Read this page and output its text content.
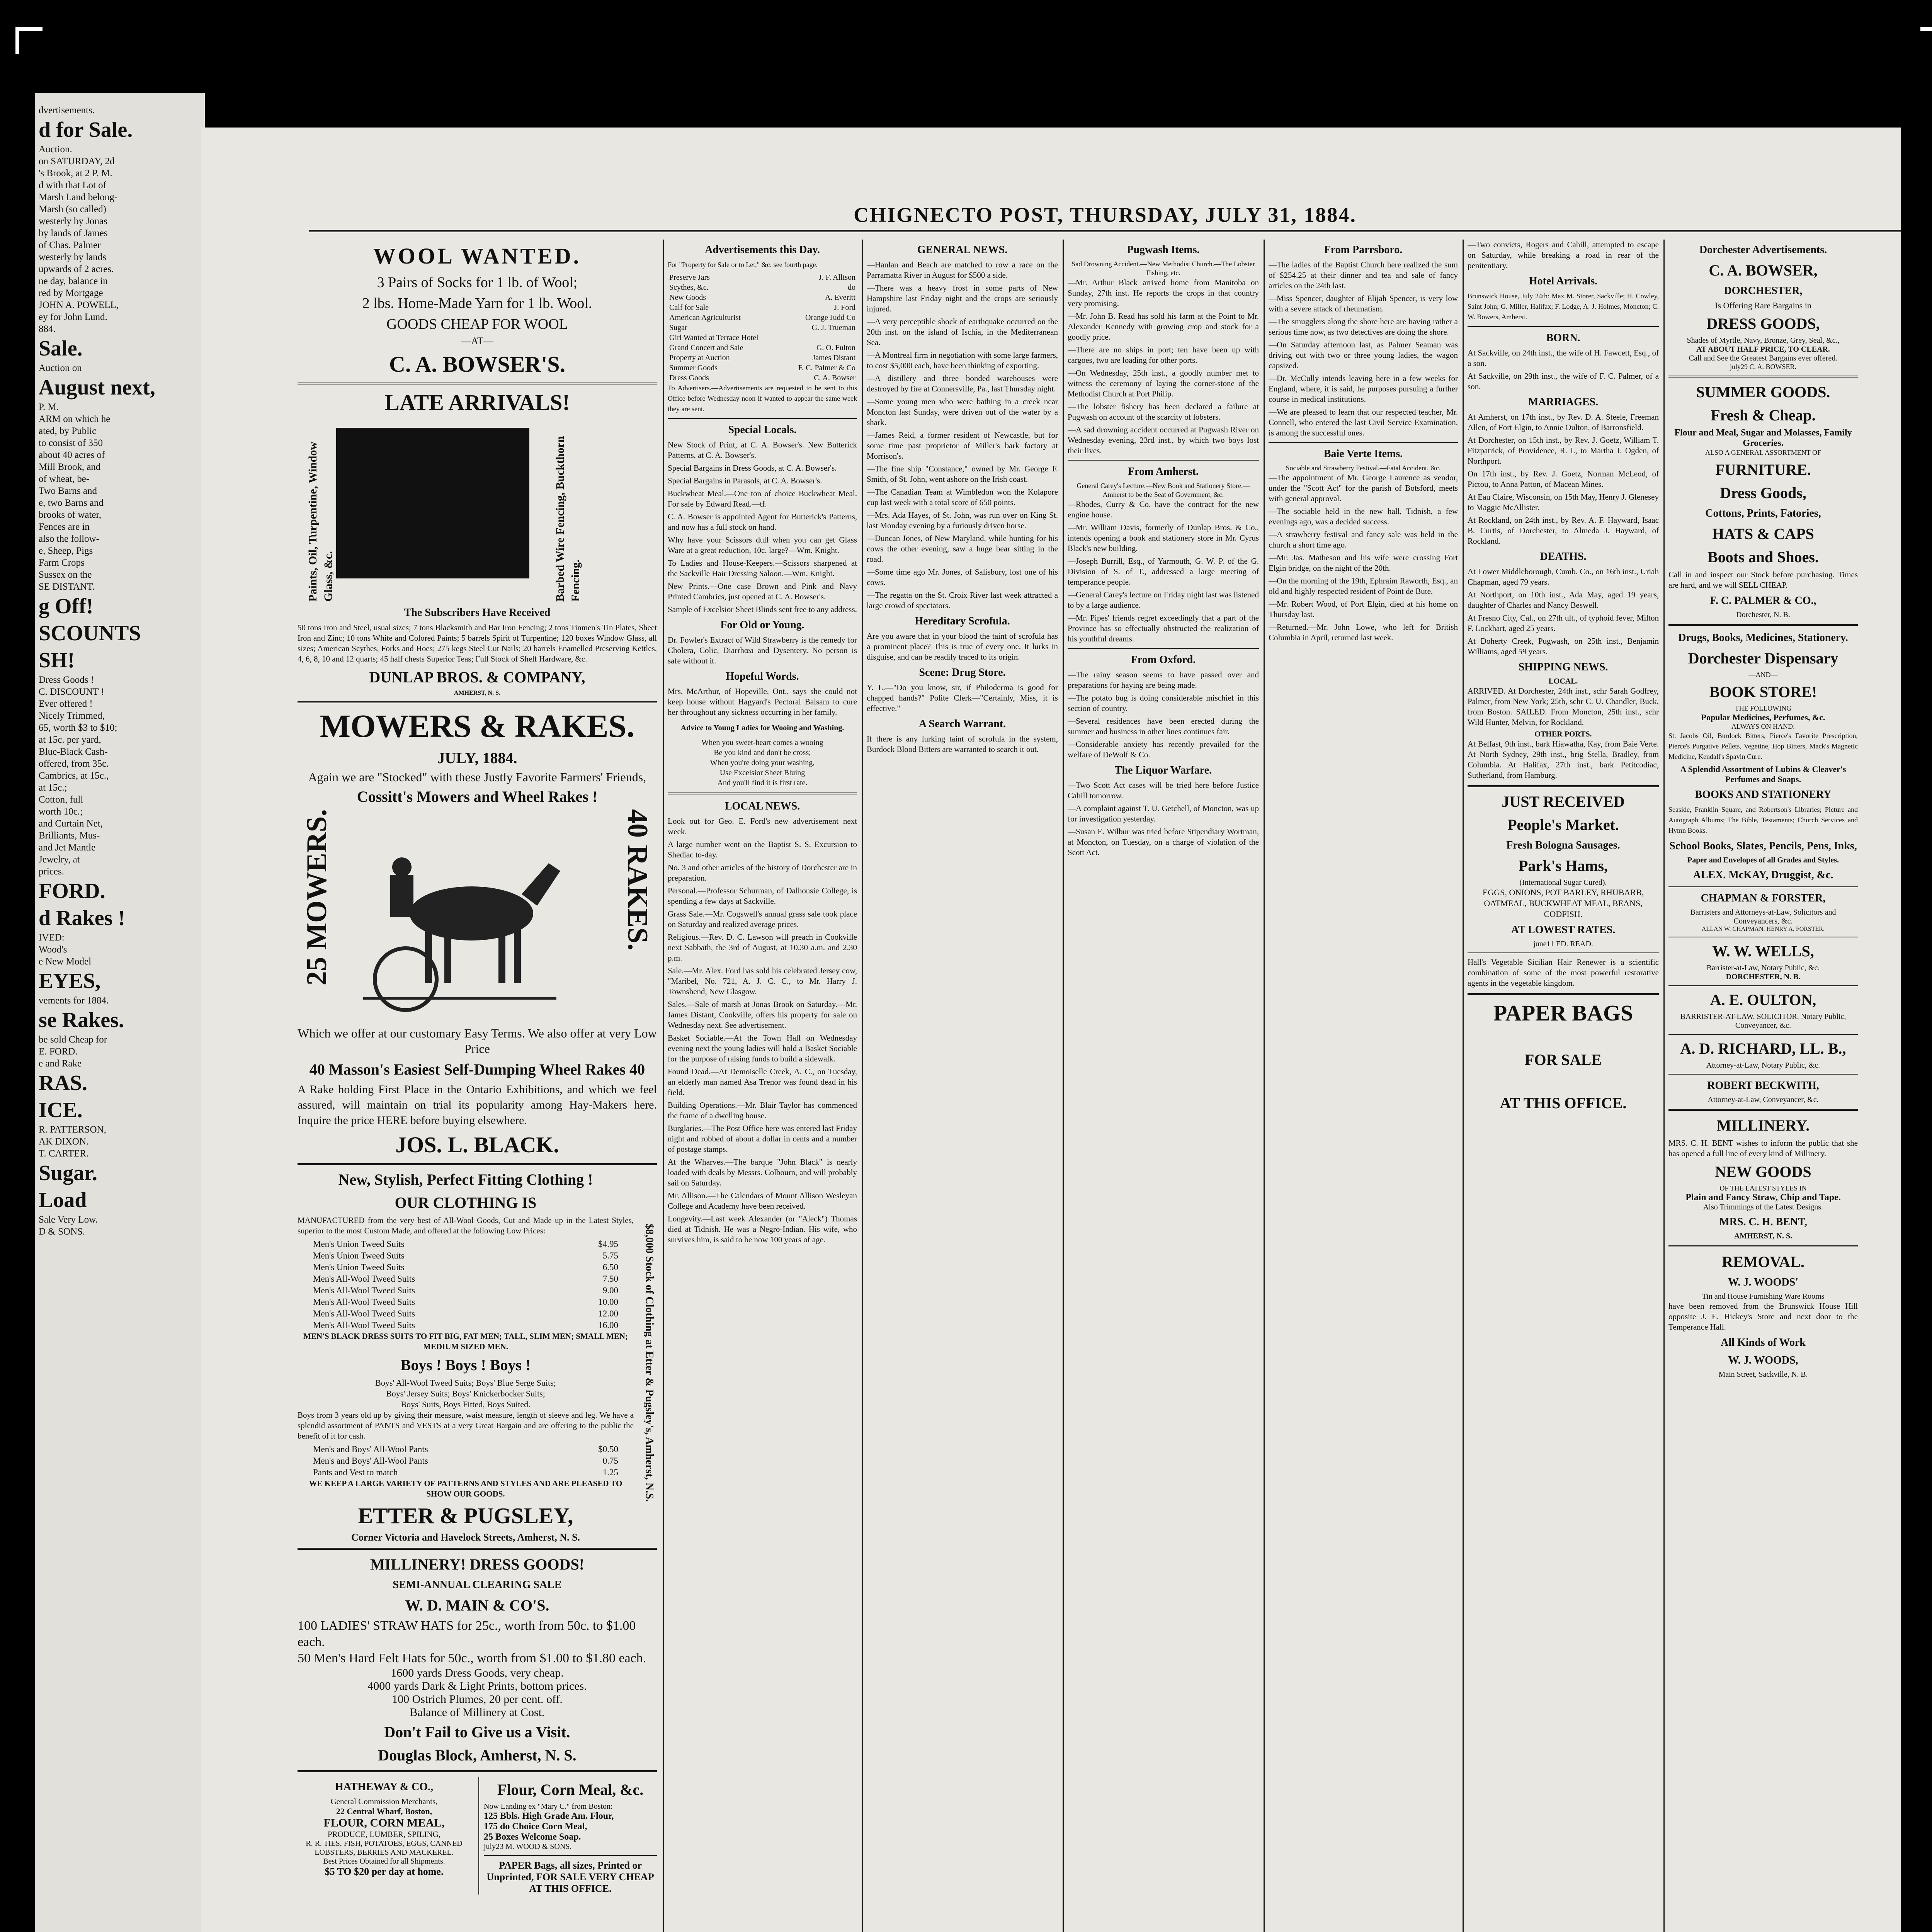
dvertisements.
d for Sale.
Auction.
on SATURDAY, 2d
's Brook, at 2 P. M.
d with that Lot of
Marsh Land belong-
Marsh (so called)
westerly by Jonas
by lands of James
of Chas. Palmer
westerly by lands
upwards of 2 acres.
ne day, balance in
red by Mortgage
JOHN A. POWELL,
ey for John Lund.
884.
Sale.
Auction on
August next,
P. M.
ARM on which he
ated, by Public
to consist of 350
about 40 acres of
Mill Brook, and
of wheat, be-
Two Barns and
e, two Barns and
brooks of water,
Fences are in
also the follow-
e, Sheep, Pigs
Farm Crops
Sussex on the
SE DISTANT.
g Off!
SCOUNTS
SH!
Dress Goods !
C. DISCOUNT !
Ever offered !
Nicely Trimmed,
65, worth $3 to $10;
at 15c. per yard,
Blue-Black Cash-
offered, from 35c.
Cambrics, at 15c.,
at 15c.;
Cotton, full
worth 10c.;
and Curtain Net,
Brilliants, Mus-
and Jet Mantle
Jewelry, at
prices.
FORD.
d Rakes !
IVED:
Wood's
e New Model
EYES,
vements for 1884.
se Rakes.
be sold Cheap for
E. FORD.
e and Rake
RAS.
ICE.
R. PATTERSON,
AK DIXON.
T. CARTER.
Sugar.
Load
Sale Very Low.
D & SONS.
CHIGNECTO POST, THURSDAY, JULY 31, 1884.
WOOL WANTED.
3 Pairs of Socks for 1 lb. of Wool;
2 lbs. Home-Made Yarn for 1 lb. Wool.
GOODS CHEAP FOR WOOL
—AT—
C. A. BOWSER'S.
LATE ARRIVALS!
Paints, Oil, Turpentine, Window Glass, &c.	Barbed Wire Fencing, Buckthorn Fencing.
The Subscribers Have Received
50 tons Iron and Steel, usual sizes; 7 tons Blacksmith and Bar Iron Fencing; 2 tons Tinmen's Tin Plates, Sheet Iron and Zinc; 10 tons White and Colored Paints; 5 barrels Spirit of Turpentine; 120 boxes Window Glass, all sizes; American Scythes, Forks and Hoes; 275 kegs Steel Cut Nails; 20 barrels Enamelled Preserving Kettles, 4, 6, 8, 10 and 12 quarts; 45 half chests Superior Teas; Full Stock of Shelf Hardware, &c.
DUNLAP BROS. & COMPANY,
AMHERST, N. S.
MOWERS & RAKES.
JULY, 1884.
Again we are "Stocked" with these Justly Favorite Farmers' Friends,
Cossitt's Mowers and Wheel Rakes !
25 MOWERS.	40 RAKES.
Which we offer at our customary Easy Terms. We also offer at very Low Price
40 Masson's Easiest Self-Dumping Wheel Rakes 40
A Rake holding First Place in the Ontario Exhibitions, and which we feel assured, will maintain on trial its popularity among Hay-Makers here. Inquire the price HERE before buying elsewhere.
JOS. L. BLACK.
New, Stylish, Perfect Fitting Clothing !
OUR CLOTHING IS
MANUFACTURED from the very best of All-Wool Goods, Cut and Made up in the Latest Styles, superior to the most Custom Made, and offered at the following Low Prices:
Men's Union Tweed Suits	$4.95
Men's Union Tweed Suits	5.75
Men's Union Tweed Suits	6.50
Men's All-Wool Tweed Suits	7.50
Men's All-Wool Tweed Suits	9.00
Men's All-Wool Tweed Suits	10.00
Men's All-Wool Tweed Suits	12.00
Men's All-Wool Tweed Suits	16.00
MEN'S BLACK DRESS SUITS TO FIT BIG, FAT MEN; TALL, SLIM MEN; SMALL MEN; MEDIUM SIZED MEN.
Boys ! Boys ! Boys !
Boys' All-Wool Tweed Suits; Boys' Blue Serge Suits;
Boys' Jersey Suits; Boys' Knickerbocker Suits;
Boys' Suits, Boys Fitted, Boys Suited.
Boys from 3 years old up by giving their measure, waist measure, length of sleeve and leg. We have a splendid assortment of PANTS and VESTS at a very Great Bargain and are offering to the public the benefit of it for cash.
Men's and Boys' All-Wool Pants	$0.50
Men's and Boys' All-Wool Pants	0.75
Pants and Vest to match	1.25
WE KEEP A LARGE VARIETY OF PATTERNS AND STYLES AND ARE PLEASED TO SHOW OUR GOODS.
ETTER & PUGSLEY,
Corner Victoria and Havelock Streets, Amherst, N. S.
$8,000 Stock of Clothing at Etter & Pugsley's, Amherst, N.S.
MILLINERY! DRESS GOODS!
SEMI-ANNUAL CLEARING SALE
W. D. MAIN & CO'S.
100 LADIES' STRAW HATS for 25c., worth from 50c. to $1.00 each.
50 Men's Hard Felt Hats for 50c., worth from $1.00 to $1.80 each.
1600 yards Dress Goods, very cheap.
4000 yards Dark & Light Prints, bottom prices.
100 Ostrich Plumes, 20 per cent. off.
Balance of Millinery at Cost.
Don't Fail to Give us a Visit.
Douglas Block, Amherst, N. S.
HATHEWAY & CO.,
General Commission Merchants,
22 Central Wharf, Boston,
FLOUR, CORN MEAL,
PRODUCE, LUMBER, SPILING,
R. R. TIES, FISH, POTATOES, EGGS, CANNED LOBSTERS, BERRIES AND MACKEREL.
Best Prices Obtained for all Shipments.
$5 TO $20 per day at home.
Flour, Corn Meal, &c.
Now Landing ex "Mary C." from Boston:
125 Bbls. High Grade Am. Flour,
175 do Choice Corn Meal,
25 Boxes Welcome Soap.
july23 M. WOOD & SONS.
PAPER Bags, all sizes, Printed or Unprinted, FOR SALE VERY CHEAP AT THIS OFFICE.
Advertisements this Day.
For "Property for Sale or to Let," &c. see fourth page.
Preserve Jars	J. F. Allison
Scythes, &c.	do
New Goods	A. Everitt
Calf for Sale	J. Ford
American Agriculturist	Orange Judd Co
Sugar	G. J. Trueman
Girl Wanted at Terrace Hotel
Grand Concert and Sale	G. O. Fulton
Property at Auction	James Distant
Summer Goods	F. C. Palmer & Co
Dress Goods	C. A. Bowser
To Advertisers.—Advertisements are requested to be sent to this Office before Wednesday noon if wanted to appear the same week they are sent.
Special Locals.
New Stock of Print, at C. A. Bowser's. New Butterick Patterns, at C. A. Bowser's.
Special Bargains in Dress Goods, at C. A. Bowser's.
Special Bargains in Parasols, at C. A. Bowser's.
Buckwheat Meal.—One ton of choice Buckwheat Meal. For sale by Edward Read.—tf.
C. A. Bowser is appointed Agent for Butterick's Patterns, and now has a full stock on hand.
Why have your Scissors dull when you can get Glass Ware at a great reduction, 10c. large?—Wm. Knight.
To Ladies and House-Keepers.—Scissors sharpened at the Sackville Hair Dressing Saloon.—Wm. Knight.
New Prints.—One case Brown and Pink and Navy Printed Cambrics, just opened at C. A. Bowser's.
Sample of Excelsior Sheet Blinds sent free to any address.
For Old or Young.
Dr. Fowler's Extract of Wild Strawberry is the remedy for Cholera, Colic, Diarrhœa and Dysentery. No person is safe without it.
Hopeful Words.
Mrs. McArthur, of Hopeville, Ont., says she could not keep house without Hagyard's Pectoral Balsam to cure her throughout any sickness occurring in her family.
Advice to Young Ladies for Wooing and Washing.
When you sweet-heart comes a wooing
Be you kind and don't be cross;
When you're doing your washing,
Use Excelsior Sheet Bluing
And you'll find it is first rate.
LOCAL NEWS.
Look out for Geo. E. Ford's new advertisement next week.
A large number went on the Baptist S. S. Excursion to Shediac to-day.
No. 3 and other articles of the history of Dorchester are in preparation.
Personal.—Professor Schurman, of Dalhousie College, is spending a few days at Sackville.
Grass Sale.—Mr. Cogswell's annual grass sale took place on Saturday and realized average prices.
Religious.—Rev. D. C. Lawson will preach in Cookville next Sabbath, the 3rd of August, at 10.30 a.m. and 2.30 p.m.
Sale.—Mr. Alex. Ford has sold his celebrated Jersey cow, "Maribel, No. 721, A. J. C. C., to Mr. Harry J. Townshend, New Glasgow.
Sales.—Sale of marsh at Jonas Brook on Saturday.—Mr. James Distant, Cookville, offers his property for sale on Wednesday next. See advertisement.
Basket Sociable.—At the Town Hall on Wednesday evening next the young ladies will hold a Basket Sociable for the purpose of raising funds to build a sidewalk.
Found Dead.—At Demoiselle Creek, A. C., on Tuesday, an elderly man named Asa Trenor was found dead in his field.
Building Operations.—Mr. Blair Taylor has commenced the frame of a dwelling house.
Burglaries.—The Post Office here was entered last Friday night and robbed of about a dollar in cents and a number of postage stamps.
At the Wharves.—The barque "John Black" is nearly loaded with deals by Messrs. Colbourn, and will probably sail on Saturday.
Mr. Allison.—The Calendars of Mount Allison Wesleyan College and Academy have been received.
Longevity.—Last week Alexander (or "Aleck") Thomas died at Tidnish. He was a Negro-Indian. His wife, who survives him, is said to be now 100 years of age.
GENERAL NEWS.
—Hanlan and Beach are matched to row a race on the Parramatta River in August for $500 a side.
—There was a heavy frost in some parts of New Hampshire last Friday night and the crops are seriously injured.
—A very perceptible shock of earthquake occurred on the 20th inst. on the island of Ischia, in the Mediterranean Sea.
—A Montreal firm in negotiation with some large farmers, to cost $5,000 each, have been thinking of exporting.
—A distillery and three bonded warehouses were destroyed by fire at Connersville, Pa., last Thursday night.
—Some young men who were bathing in a creek near Moncton last Sunday, were driven out of the water by a shark.
—James Reid, a former resident of Newcastle, but for some time past proprietor of Miller's bark factory at Morrison's.
—The fine ship "Constance," owned by Mr. George F. Smith, of St. John, went ashore on the Irish coast.
—The Canadian Team at Wimbledon won the Kolapore cup last week with a total score of 650 points.
—Mrs. Ada Hayes, of St. John, was run over on King St. last Monday evening by a furiously driven horse.
—Duncan Jones, of New Maryland, while hunting for his cows the other evening, saw a huge bear sitting in the road.
—Some time ago Mr. Jones, of Salisbury, lost one of his cows.
—The regatta on the St. Croix River last week attracted a large crowd of spectators.
Hereditary Scrofula.
Are you aware that in your blood the taint of scrofula has a prominent place? This is true of every one. It lurks in disguise, and can be readily traced to its origin.
Scene: Drug Store.
Y. L.—"Do you know, sir, if Philoderma is good for chapped hands?" Polite Clerk—"Certainly, Miss, it is effective."
A Search Warrant.
If there is any lurking taint of scrofula in the system, Burdock Blood Bitters are warranted to search it out.
Pugwash Items.
Sad Drowning Accident.—New Methodist Church.—The Lobster Fishing, etc.
—Mr. Arthur Black arrived home from Manitoba on Sunday, 27th inst. He reports the crops in that country very promising.
—Mr. John B. Read has sold his farm at the Point to Mr. Alexander Kennedy with growing crop and stock for a goodly price.
—There are no ships in port; ten have been up with cargoes, two are loading for other ports.
—On Wednesday, 25th inst., a goodly number met to witness the ceremony of laying the corner-stone of the Methodist Church at Port Philip.
—The lobster fishery has been declared a failure at Pugwash on account of the scarcity of lobsters.
—A sad drowning accident occurred at Pugwash River on Wednesday evening, 23rd inst., by which two boys lost their lives.
From Amherst.
General Carey's Lecture.—New Book and Stationery Store.—Amherst to be the Seat of Government, &c.
—Rhodes, Curry & Co. have the contract for the new engine house.
—Mr. William Davis, formerly of Dunlap Bros. & Co., intends opening a book and stationery store in Mr. Cyrus Black's new building.
—Joseph Burrill, Esq., of Yarmouth, G. W. P. of the G. Division of S. of T., addressed a large meeting of temperance people.
—General Carey's lecture on Friday night last was listened to by a large audience.
—Mr. Pipes' friends regret exceedingly that a part of the Province has so effectually obstructed the realization of his youthful dreams.
From Oxford.
—The rainy season seems to have passed over and preparations for haying are being made.
—The potato bug is doing considerable mischief in this section of country.
—Several residences have been erected during the summer and business in other lines continues fair.
—Considerable anxiety has recently prevailed for the welfare of DeWolf & Co.
The Liquor Warfare.
—Two Scott Act cases will be tried here before Justice Cahill tomorrow.
—A complaint against T. U. Getchell, of Moncton, was up for investigation yesterday.
—Susan E. Wilbur was tried before Stipendiary Wortman, at Moncton, on Tuesday, on a charge of violation of the Scott Act.
From Parrsboro.
—The ladies of the Baptist Church here realized the sum of $254.25 at their dinner and tea and sale of fancy articles on the 24th last.
—Miss Spencer, daughter of Elijah Spencer, is very low with a severe attack of rheumatism.
—The smugglers along the shore here are having rather a serious time now, as two detectives are doing the shore.
—On Saturday afternoon last, as Palmer Seaman was driving out with two or three young ladies, the wagon capsized.
—Dr. McCully intends leaving here in a few weeks for England, where, it is said, he purposes pursuing a further course in medical institutions.
—We are pleased to learn that our respected teacher, Mr. Connell, who entered the last Civil Service Examination, is among the successful ones.
Baie Verte Items.
Sociable and Strawberry Festival.—Fatal Accident, &c.
—The appointment of Mr. George Laurence as vendor, under the "Scott Act" for the parish of Botsford, meets with general approval.
—The sociable held in the new hall, Tidnish, a few evenings ago, was a decided success.
—A strawberry festival and fancy sale was held in the church a short time ago.
—Mr. Jas. Matheson and his wife were crossing Fort Elgin bridge, on the night of the 20th.
—On the morning of the 19th, Ephraim Raworth, Esq., an old and highly respected resident of Point de Bute.
—Mr. Robert Wood, of Port Elgin, died at his home on Thursday last.
—Returned.—Mr. John Lowe, who left for British Columbia in April, returned last week.
—Two convicts, Rogers and Cahill, attempted to escape on Saturday, while breaking a road in rear of the penitentiary.
Hotel Arrivals.
Brunswick House, July 24th: Max M. Storer, Sackville; H. Cowley, Saint John; G. Miller, Halifax; F. Lodge, A. J. Holmes, Moncton; C. W. Bowers, Amherst.
BORN.
At Sackville, on 24th inst., the wife of H. Fawcett, Esq., of a son.
At Sackville, on 29th inst., the wife of F. C. Palmer, of a son.
MARRIAGES.
At Amherst, on 17th inst., by Rev. D. A. Steele, Freeman Allen, of Fort Elgin, to Annie Oulton, of Barronsfield.
At Dorchester, on 15th inst., by Rev. J. Goetz, William T. Fitzpatrick, of Providence, R. I., to Martha J. Ogden, of Northport.
On 17th inst., by Rev. J. Goetz, Norman McLeod, of Pictou, to Anna Patton, of Macean Mines.
At Eau Claire, Wisconsin, on 15th May, Henry J. Glenesey to Maggie McAllister.
At Rockland, on 24th inst., by Rev. A. F. Hayward, Isaac B. Curtis, of Dorchester, to Almeda J. Hayward, of Rockland.
DEATHS.
At Lower Middleborough, Cumb. Co., on 16th inst., Uriah Chapman, aged 79 years.
At Northport, on 10th inst., Ada May, aged 19 years, daughter of Charles and Nancy Beswell.
At Fresno City, Cal., on 27th ult., of typhoid fever, Milton F. Lockhart, aged 25 years.
At Doherty Creek, Pugwash, on 25th inst., Benjamin Williams, aged 59 years.
SHIPPING NEWS.
LOCAL.
ARRIVED. At Dorchester, 24th inst., schr Sarah Godfrey, Palmer, from New York; 25th, schr C. U. Chandler, Buck, from Boston. SAILED. From Moncton, 25th inst., schr Wild Hunter, Melvin, for Rockland.
OTHER PORTS.
At Belfast, 9th inst., bark Hiawatha, Kay, from Baie Verte. At North Sydney, 29th inst., brig Stella, Bradley, from Columbia. At Halifax, 27th inst., bark Petitcodiac, Sutherland, from Hamburg.
JUST RECEIVED
People's Market.
Fresh Bologna Sausages.
Park's Hams,
(International Sugar Cured).
EGGS, ONIONS, POT BARLEY, RHUBARB, OATMEAL, BUCKWHEAT MEAL, BEANS, CODFISH.
AT LOWEST RATES.
june11 ED. READ.
Hall's Vegetable Sicilian Hair Renewer is a scientific combination of some of the most powerful restorative agents in the vegetable kingdom.
PAPER BAGS
FOR SALE
AT THIS OFFICE.
Dorchester Advertisements.
C. A. BOWSER,
DORCHESTER,
Is Offering Rare Bargains in
DRESS GOODS,
Shades of Myrtle, Navy, Bronze, Grey, Seal, &c.,
AT ABOUT HALF PRICE, TO CLEAR.
Call and See the Greatest Bargains ever offered.
july29 C. A. BOWSER.
SUMMER GOODS.
Fresh & Cheap.
Flour and Meal, Sugar and Molasses, Family Groceries.
ALSO A GENERAL ASSORTMENT OF
FURNITURE.
Dress Goods,
Cottons, Prints, Fatories,
HATS & CAPS
Boots and Shoes.
Call in and inspect our Stock before purchasing. Times are hard, and we will SELL CHEAP.
F. C. PALMER & CO.,
Dorchester, N. B.
Drugs, Books, Medicines, Stationery.
Dorchester Dispensary
—AND—
BOOK STORE!
THE FOLLOWING
Popular Medicines, Perfumes, &c.
ALWAYS ON HAND:
St. Jacobs Oil, Burdock Bitters, Pierce's Favorite Prescription, Pierce's Purgative Pellets, Vegetine, Hop Bitters, Mack's Magnetic Medicine, Kendall's Spavin Cure.
A Splendid Assortment of Lubins & Cleaver's Perfumes and Soaps.
BOOKS AND STATIONERY
Seaside, Franklin Square, and Robertson's Libraries; Picture and Autograph Albums; The Bible, Testaments; Church Services and Hymn Books.
School Books, Slates, Pencils, Pens, Inks,
Paper and Envelopes of all Grades and Styles.
ALEX. McKAY, Druggist, &c.
CHAPMAN & FORSTER,
Barristers and Attorneys-at-Law, Solicitors and Conveyancers, &c.
ALLAN W. CHAPMAN. HENRY A. FORSTER.
W. W. WELLS,
Barrister-at-Law, Notary Public, &c.
DORCHESTER, N. B.
A. E. OULTON,
BARRISTER-AT-LAW, SOLICITOR, Notary Public, Conveyancer, &c.
A. D. RICHARD, LL. B.,
Attorney-at-Law, Notary Public, &c.
ROBERT BECKWITH,
Attorney-at-Law, Conveyancer, &c.
MILLINERY.
MRS. C. H. BENT wishes to inform the public that she has opened a full line of every kind of Millinery.
NEW GOODS
OF THE LATEST STYLES IN
Plain and Fancy Straw, Chip and Tape.
Also Trimmings of the Latest Designs.
MRS. C. H. BENT,
AMHERST, N. S.
REMOVAL.
W. J. WOODS'
Tin and House Furnishing Ware Rooms
have been removed from the Brunswick House Hill opposite J. E. Hickey's Store and next door to the Temperance Hall.
All Kinds of Work
W. J. WOODS,
Main Street, Sackville, N. B.
